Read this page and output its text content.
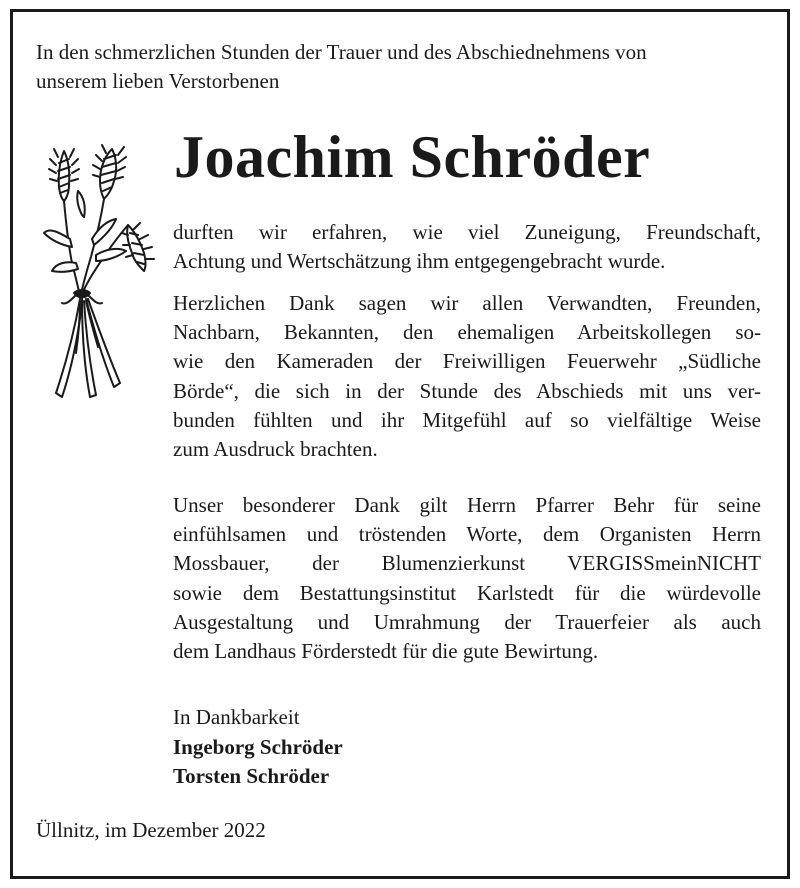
In den schmerzlichen Stunden der Trauer und des Abschiednehmens von
unserem lieben Verstorbenen
Joachim Schröder
durften wir erfahren, wie viel Zuneigung, Freundschaft,
Achtung und Wertschätzung ihm entgegengebracht wurde.
Herzlichen Dank sagen wir allen Verwandten, Freunden,
Nachbarn, Bekannten, den ehemaligen Arbeitskollegen so-
wie den Kameraden der Freiwilligen Feuerwehr „Südliche
Börde“, die sich in der Stunde des Abschieds mit uns ver-
bunden fühlten und ihr Mitgefühl auf so vielfältige Weise
zum Ausdruck brachten.
Unser besonderer Dank gilt Herrn Pfarrer Behr für seine
einfühlsamen und tröstenden Worte, dem Organisten Herrn
Mossbauer, der Blumenzierkunst VERGISSmeinNICHT
sowie dem Bestattungsinstitut Karlstedt für die würdevolle
Ausgestaltung und Umrahmung der Trauerfeier als auch
dem Landhaus Förderstedt für die gute Bewirtung.
In Dankbarkeit
Ingeborg Schröder
Torsten Schröder
Üllnitz, im Dezember 2022
